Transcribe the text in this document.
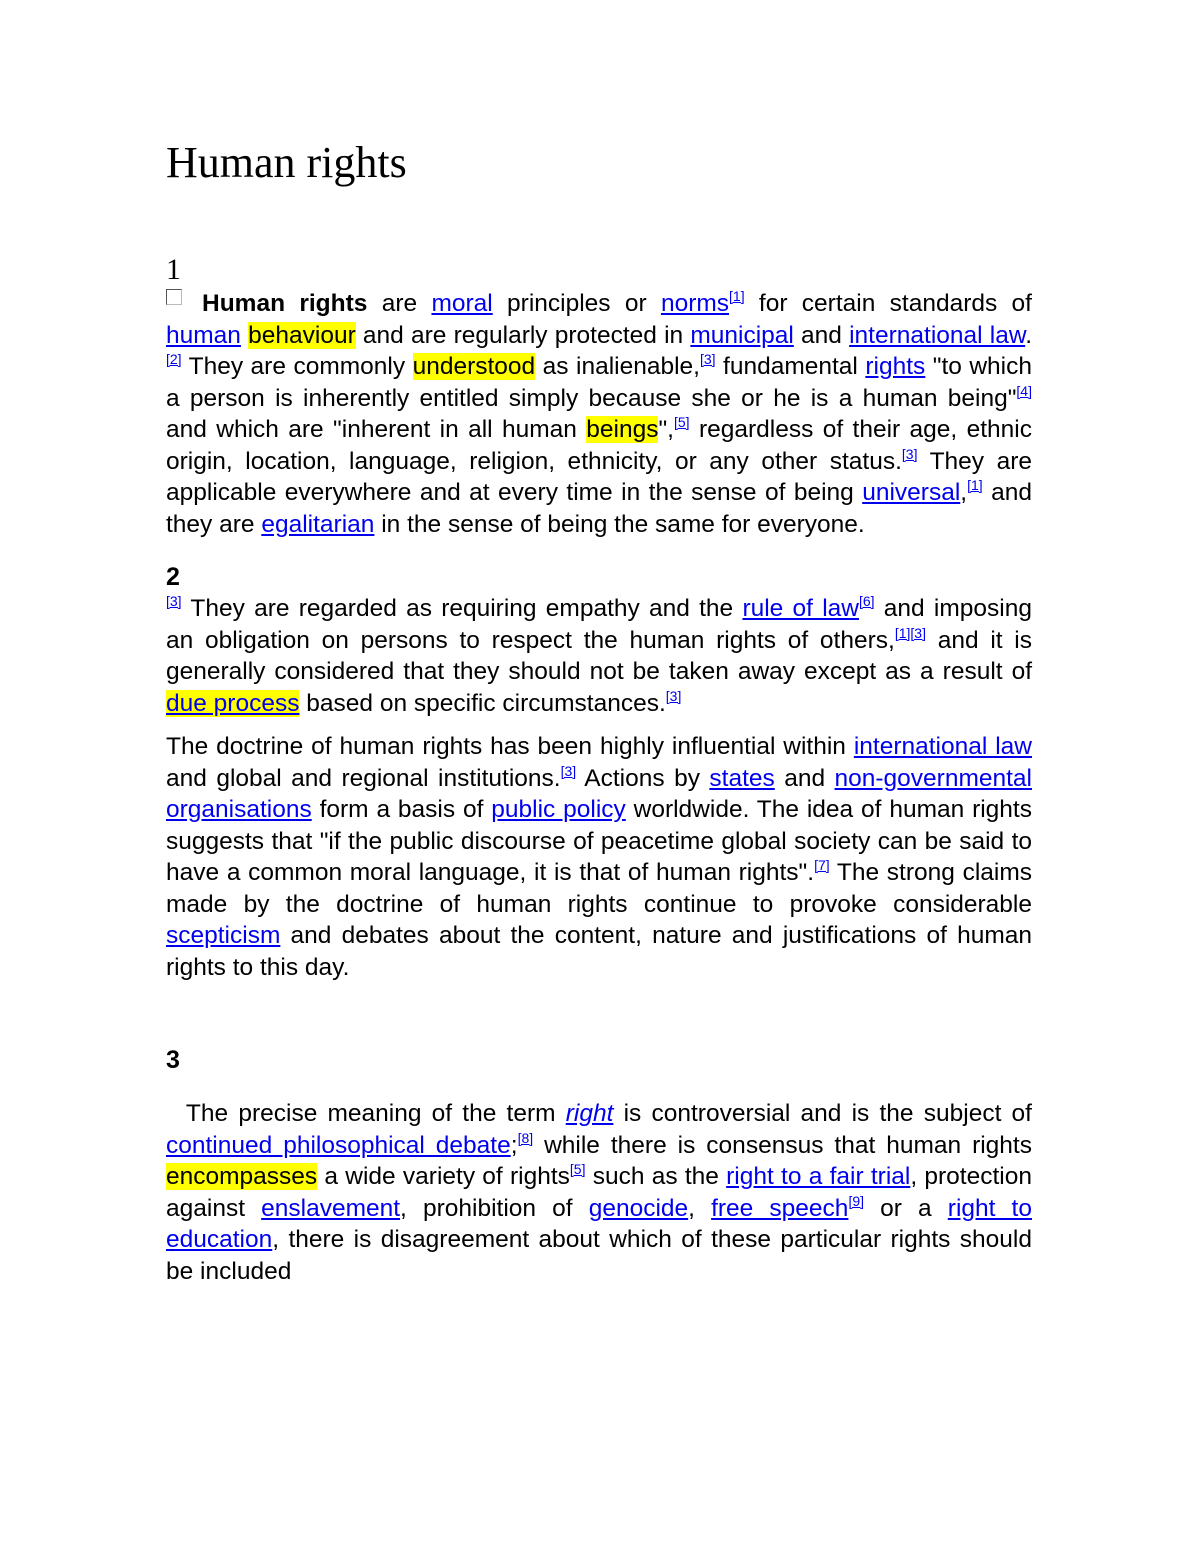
Human rights
1

Human rights are moral principles or norms[1] for certain standards of human behaviour and are regularly protected in municipal and international law.[2] They are commonly understood as inalienable,[3] fundamental rights "to which a person is inherently entitled simply because she or he is a human being"[4] and which are "inherent in all human beings",[5] regardless of their age, ethnic origin, location, language, religion, ethnicity, or any other status.[3] They are applicable everywhere and at every time in the sense of being universal,[1] and they are egalitarian in the sense of being the same for everyone.

2

[3] They are regarded as requiring empathy and the rule of law[6] and imposing an obligation on persons to respect the human rights of others,[1][3] and it is generally considered that they should not be taken away except as a result of due process based on specific circumstances.[3]

The doctrine of human rights has been highly influential within international law and global and regional institutions.[3] Actions by states and non-governmental organisations form a basis of public policy worldwide. The idea of human rights suggests that "if the public discourse of peacetime global society can be said to have a common moral language, it is that of human rights".[7] The strong claims made by the doctrine of human rights continue to provoke considerable scepticism and debates about the content, nature and justifications of human rights to this day.

3

The precise meaning of the term right is controversial and is the subject of continued philosophical debate;[8] while there is consensus that human rights encompasses a wide variety of rights[5] such as the right to a fair trial, protection against enslavement, prohibition of genocide, free speech[9] or a right to education, there is disagreement about which of these particular rights should be included
